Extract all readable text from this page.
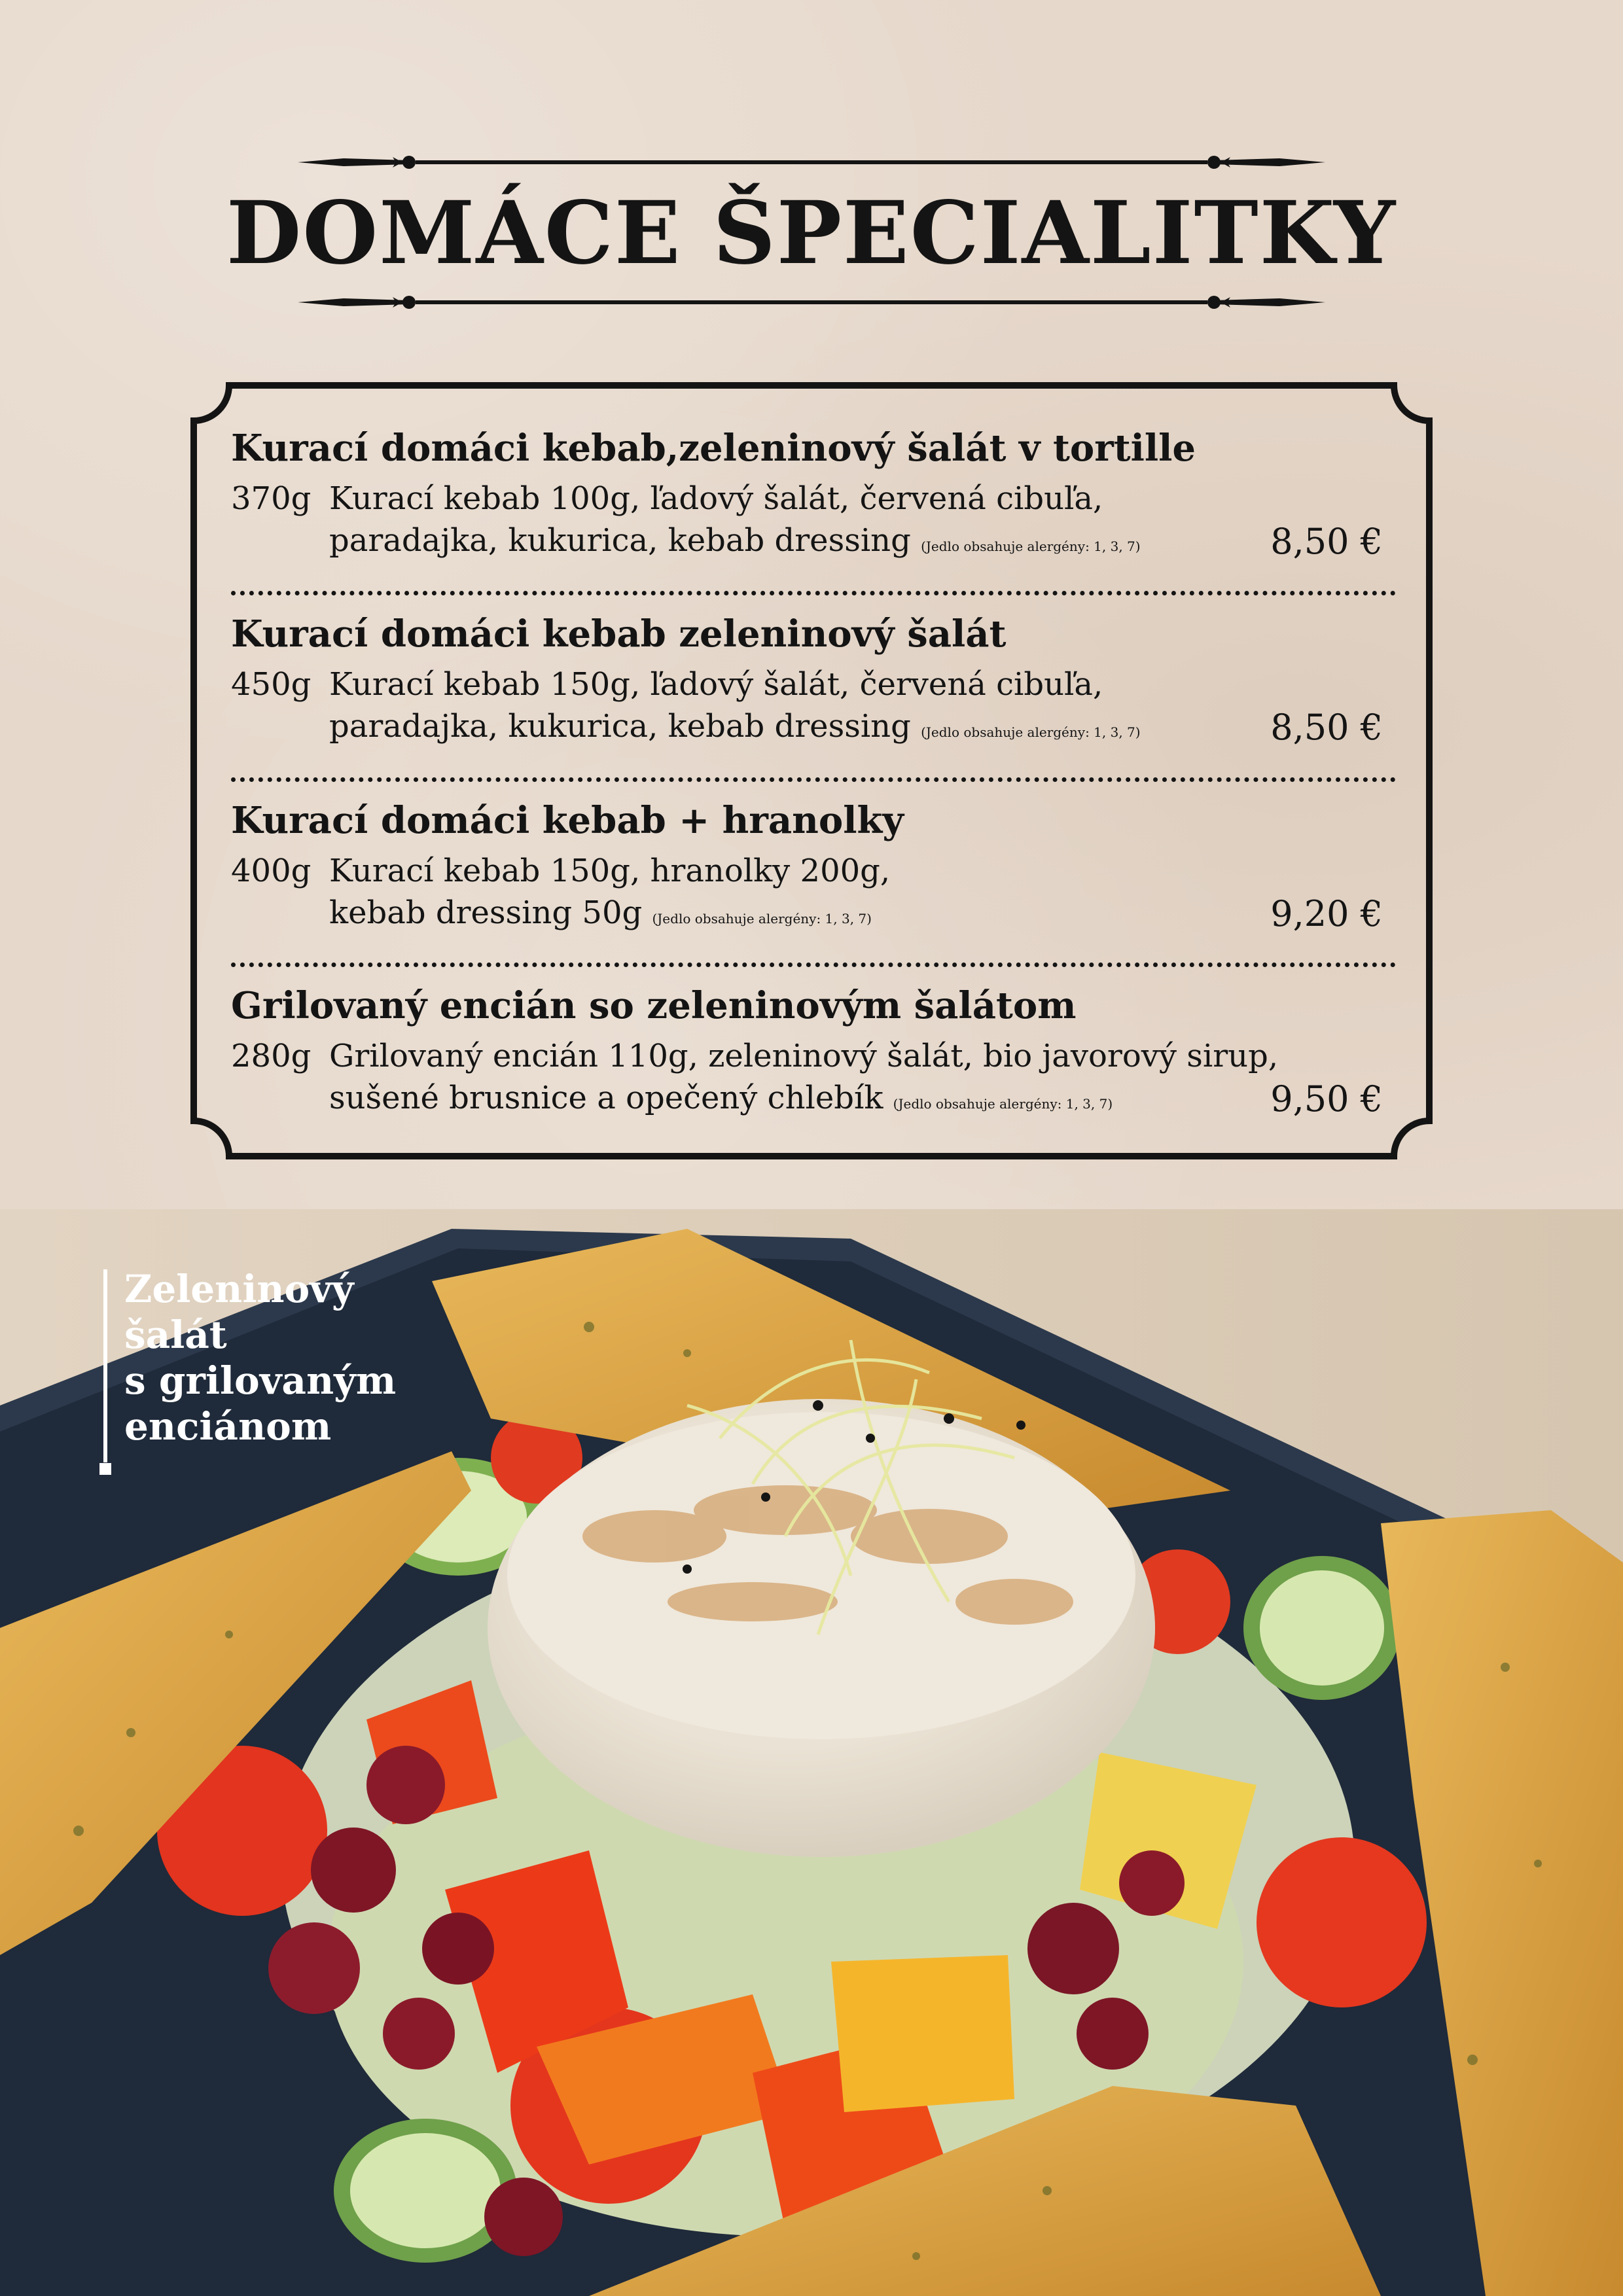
DOMÁCE ŠPECIALITKY
Kurací domáci kebab,zeleninový šalát v tortille
370g Kurací kebab 100g, ľadový šalát, červená cibuľa,
paradajka, kukurica, kebab dressing (Jedlo obsahuje alergény: 1, 3, 7)	8,50 €
Kurací domáci kebab zeleninový šalát
450g Kurací kebab 150g, ľadový šalát, červená cibuľa,
paradajka, kukurica, kebab dressing (Jedlo obsahuje alergény: 1, 3, 7)	8,50 €
Kurací domáci kebab + hranolky
400g Kurací kebab 150g, hranolky 200g,
kebab dressing 50g (Jedlo obsahuje alergény: 1, 3, 7)	9,20 €
Grilovaný encián so zeleninovým šalátom
280g Grilovaný encián 110g, zeleninový šalát, bio javorový sirup,
sušené brusnice a opečený chlebík (Jedlo obsahuje alergény: 1, 3, 7)	9,50 €
Zeleninový
šalát
s grilovaným
enciánom
